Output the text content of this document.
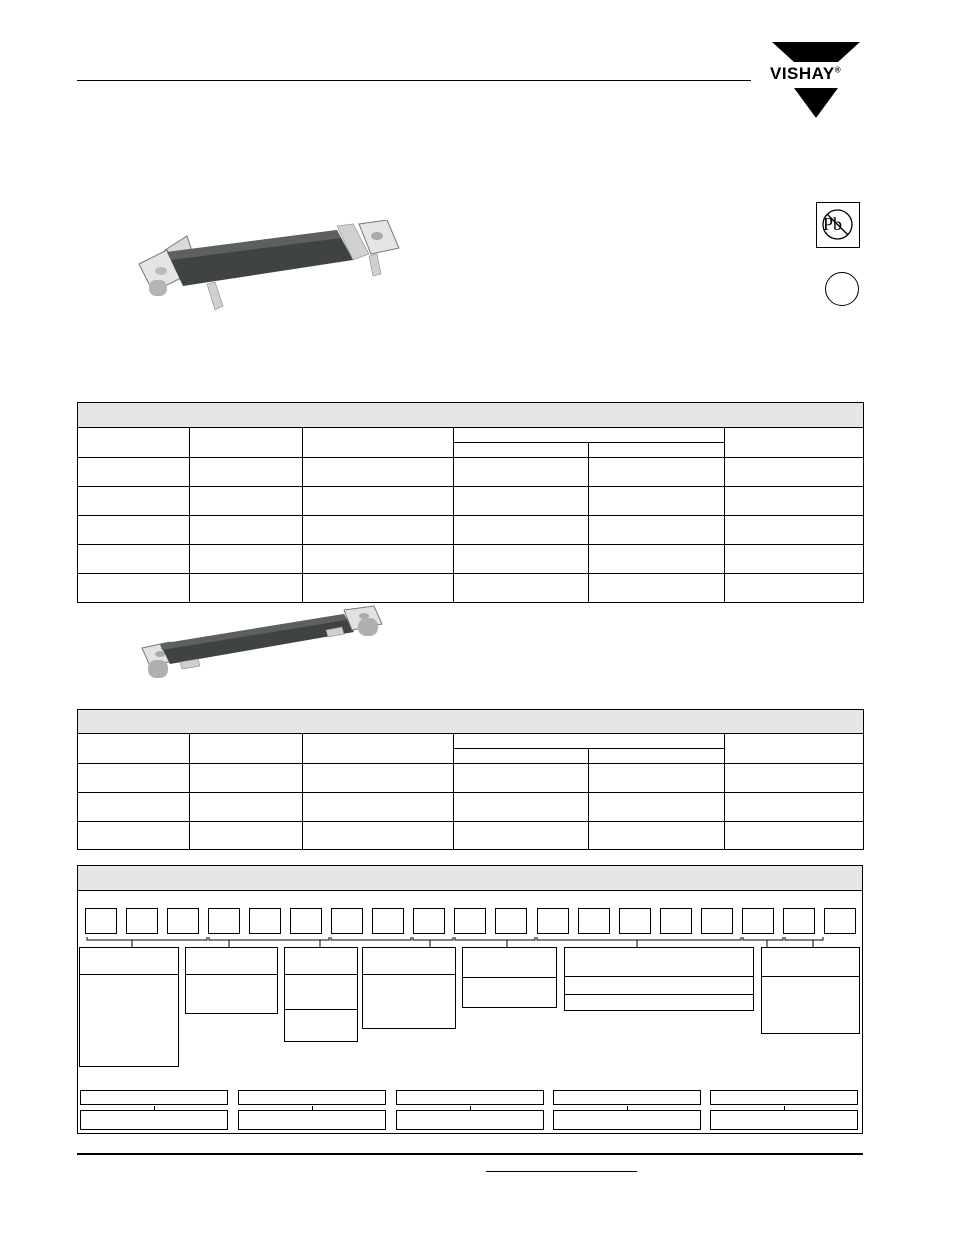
VISHAY®
Pb
